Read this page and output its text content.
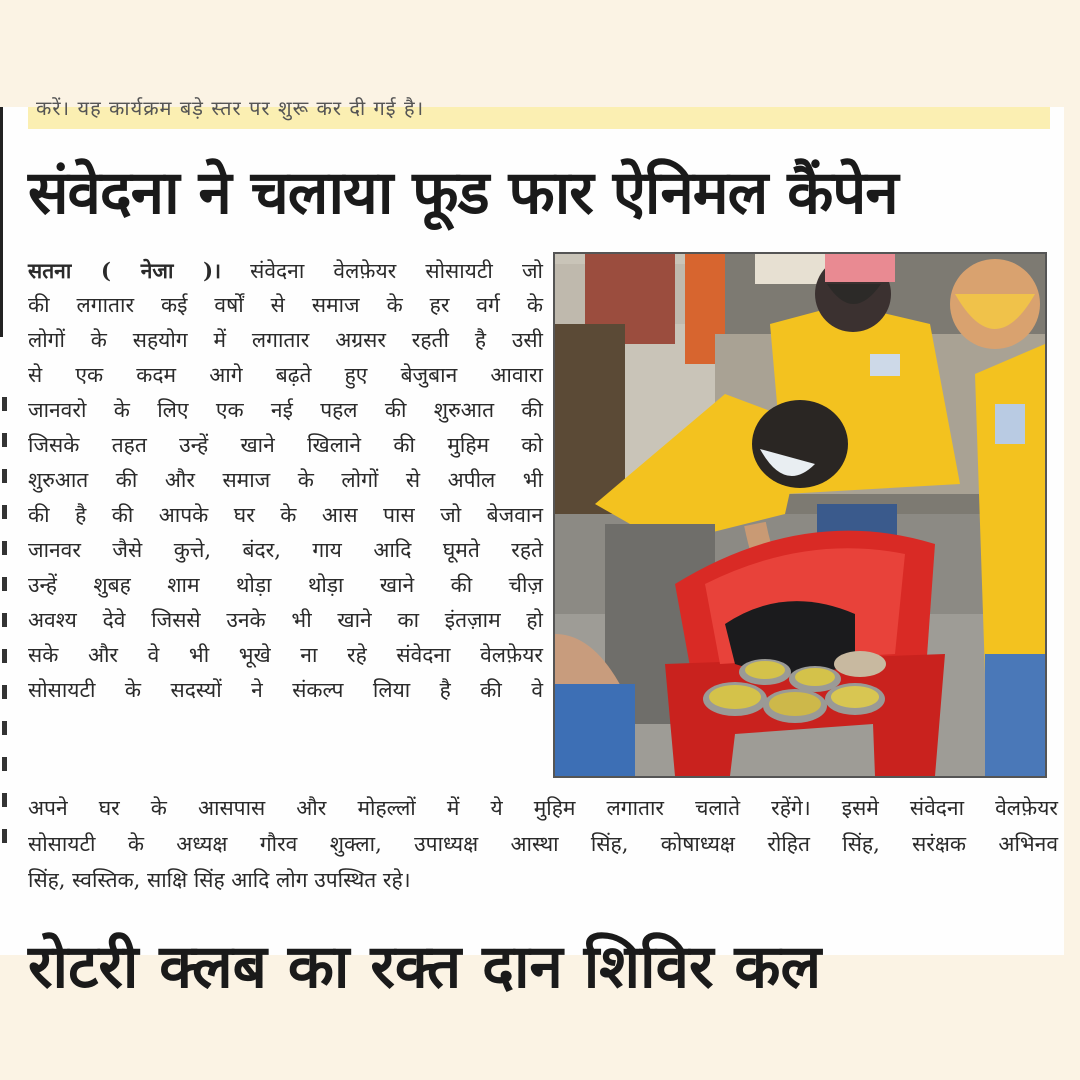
करें। यह कार्यक्रम बड़े स्तर पर शुरू कर दी गई है।
संवेदना ने चलाया फूड फार ऐनिमल कैंपेन
सतना ( नेजा )। संवेदना वेलफ़ेयर सोसायटी जो
की लगातार कई वर्षों से समाज के हर वर्ग के
लोगों के सहयोग में लगातार अग्रसर रहती है उसी
से एक कदम आगे बढ़ते हुए बेजुबान आवारा
जानवरो के लिए एक नई पहल की शुरुआत की
जिसके तहत उन्हें खाने खिलाने की मुहिम को
शुरुआत की और समाज के लोगों से अपील भी
की है की आपके घर के आस पास जो बेजवान
जानवर जैसे कुत्ते, बंदर, गाय आदि घूमते रहते
उन्हें शुबह शाम थोड़ा थोड़ा खाने की चीज़
अवश्य देवे जिससे उनके भी खाने का इंतज़ाम हो
सके और वे भी भूखे ना रहे संवेदना वेलफ़ेयर
सोसायटी के सदस्यों ने संकल्प लिया है की वे
अपने घर के आसपास और मोहल्लों में ये मुहिम लगातार चलाते रहेंगे। इसमे संवेदना वेलफ़ेयर
सोसायटी के अध्यक्ष गौरव शुक्ला, उपाध्यक्ष आस्था सिंह, कोषाध्यक्ष रोहित सिंह, सरंक्षक अभिनव
सिंह, स्वस्तिक, साक्षि सिंह आदि लोग उपस्थित रहे।
रोटरी क्लब का रक्त दान शिविर कल
